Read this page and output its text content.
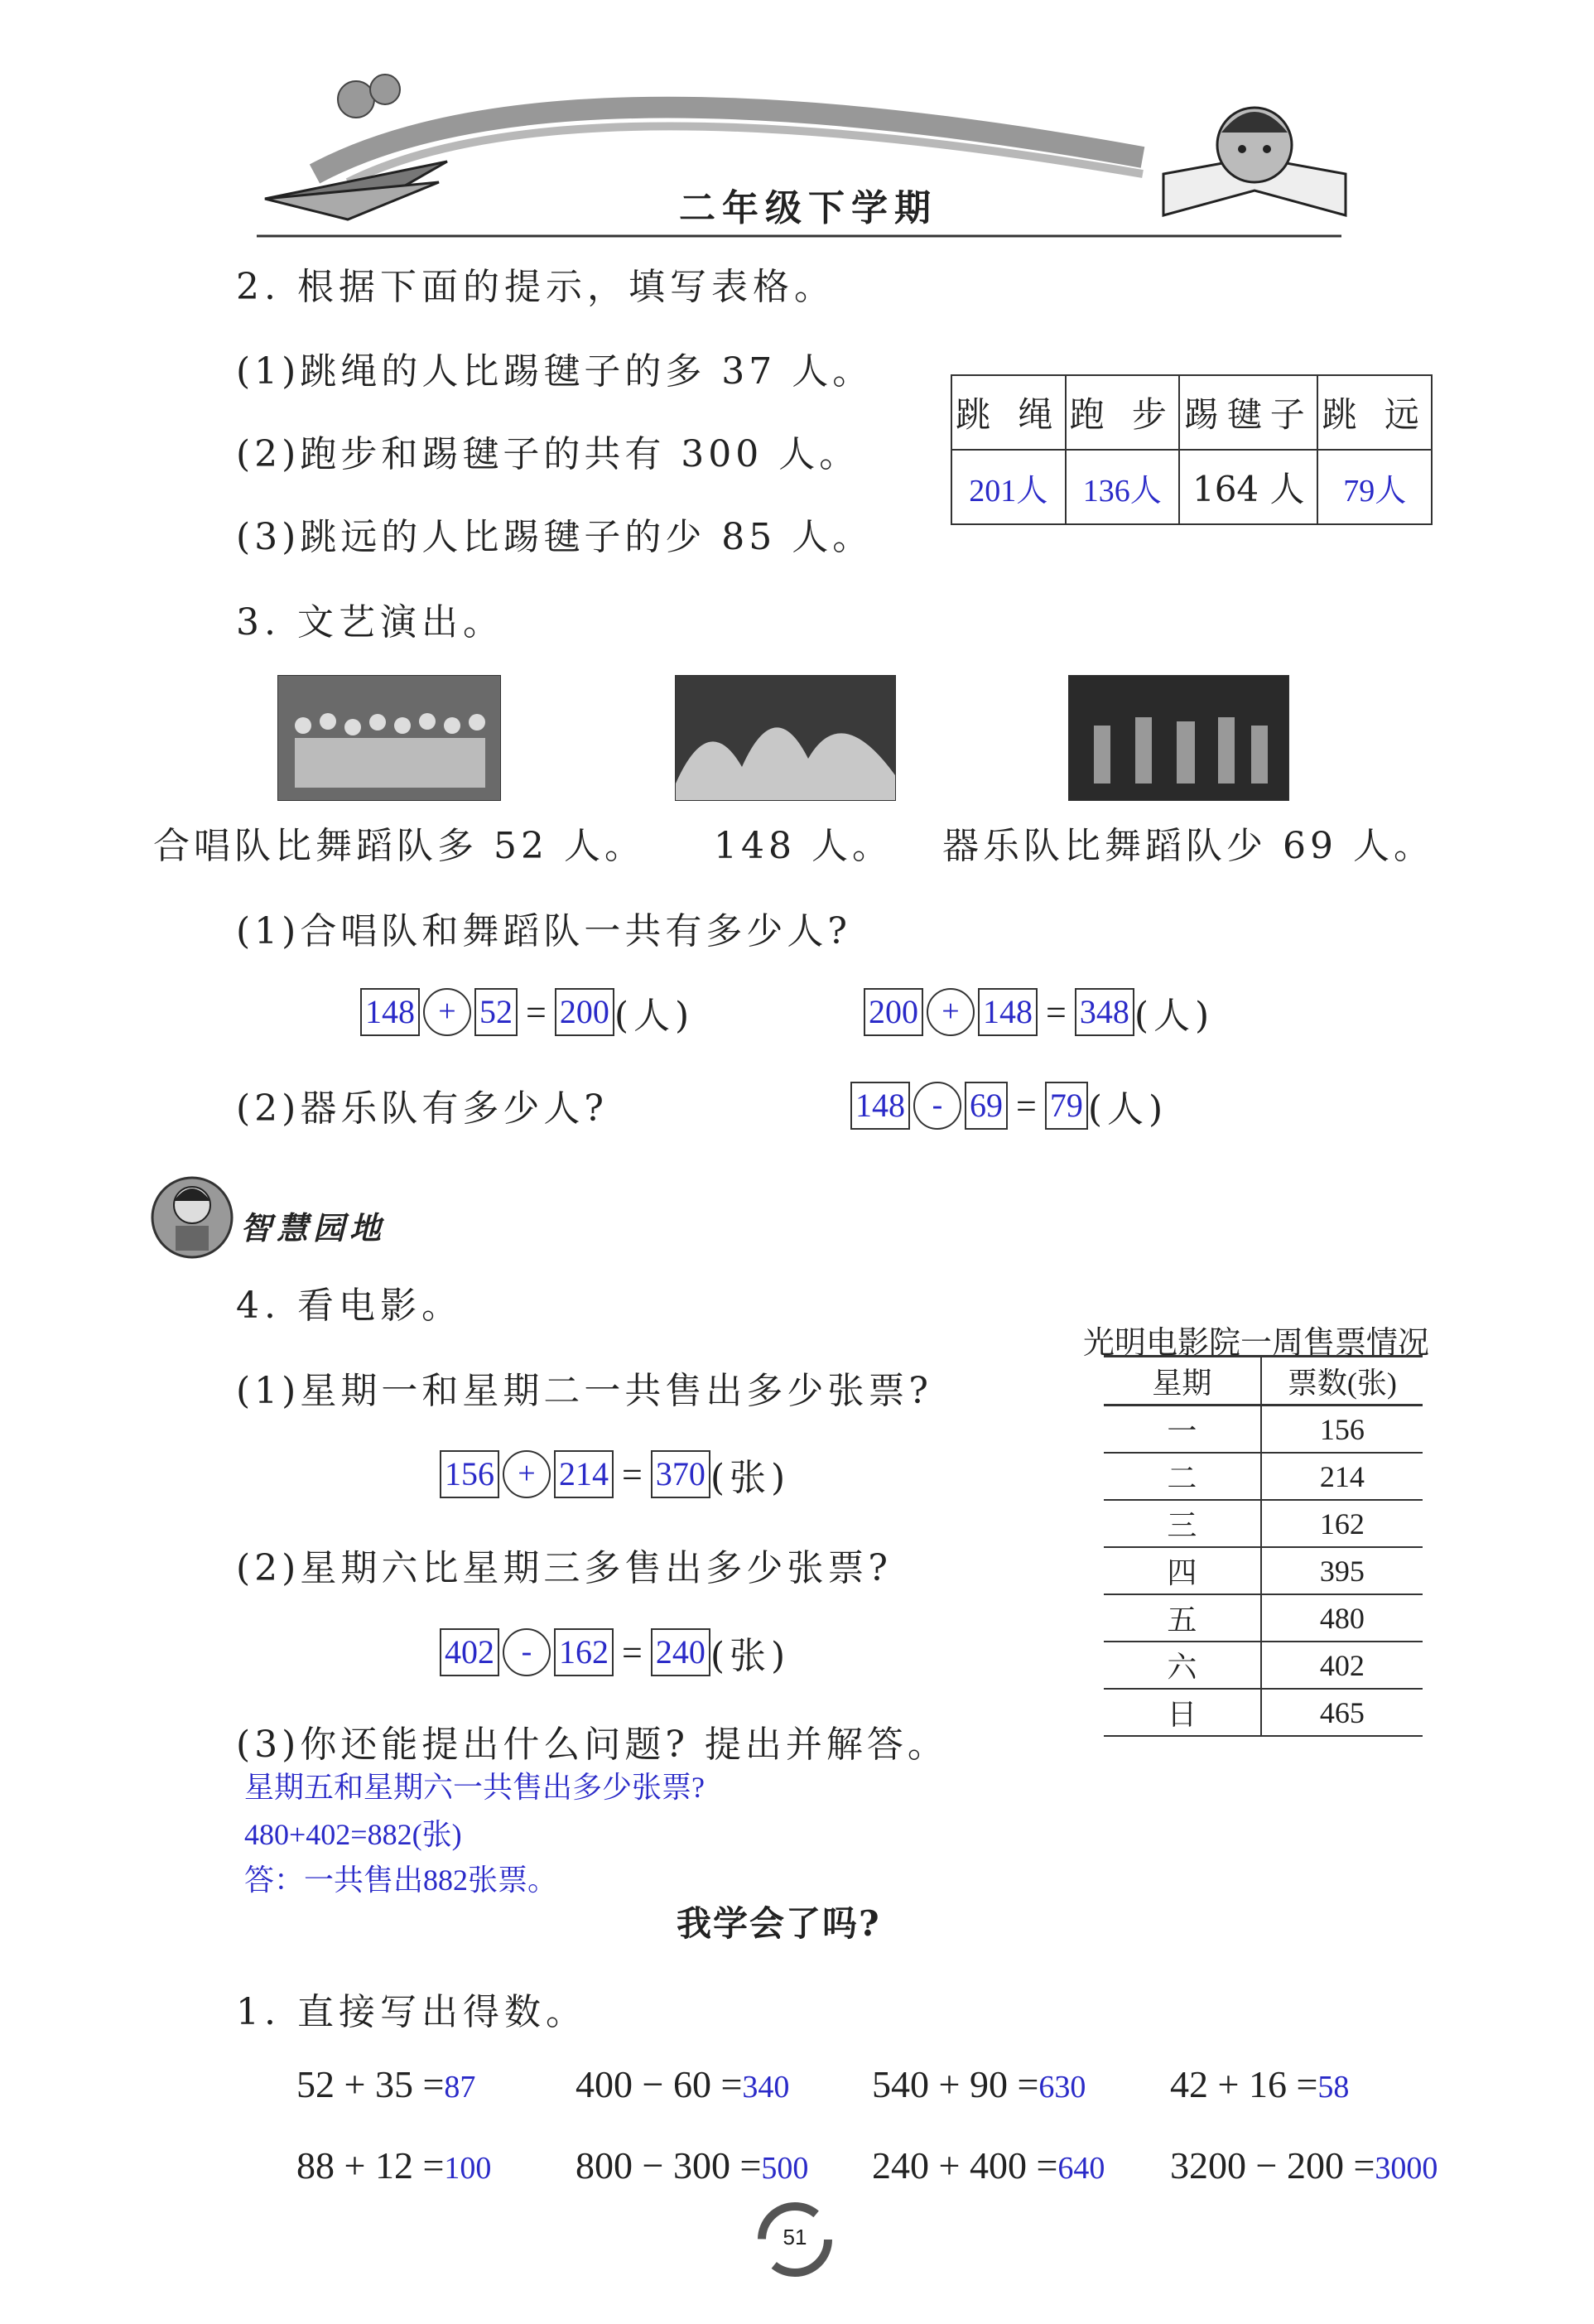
二年级下学期
2. 根据下面的提示，填写表格。
(1)跳绳的人比踢毽子的多 37 人。
(2)跑步和踢毽子的共有 300 人。
(3)跳远的人比踢毽子的少 85 人。
跳 绳	跑 步	踢毽子	跳 远
201人	136人	164 人	79人
3. 文艺演出。
合唱队比舞蹈队多 52 人。 148 人。 器乐队比舞蹈队少 69 人。
(1)合唱队和舞蹈队一共有多少人?
148 + 52 = 200 (人)	200 + 148 = 348 (人)
(2)器乐队有多少人?	148 - 69 = 79 (人)
智慧园地
4. 看电影。
光明电影院一周售票情况
星期	票数(张)
一	156
二	214
三	162
四	395
五	480
六	402
日	465
(1)星期一和星期二一共售出多少张票?
156 + 214 = 370 (张)
(2)星期六比星期三多售出多少张票?
402 - 162 = 240 (张)
(3)你还能提出什么问题? 提出并解答。
星期五和星期六一共售出多少张票?
480+402=882(张)
答：一共售出882张票。
我学会了吗?
1. 直接写出得数。
52 + 35 =87	400 − 60 =340 540 + 90 =630 42 + 16 =58
88 + 12 =100 800 − 300 =500 240 + 400 =640 3200 − 200 =3000
51
